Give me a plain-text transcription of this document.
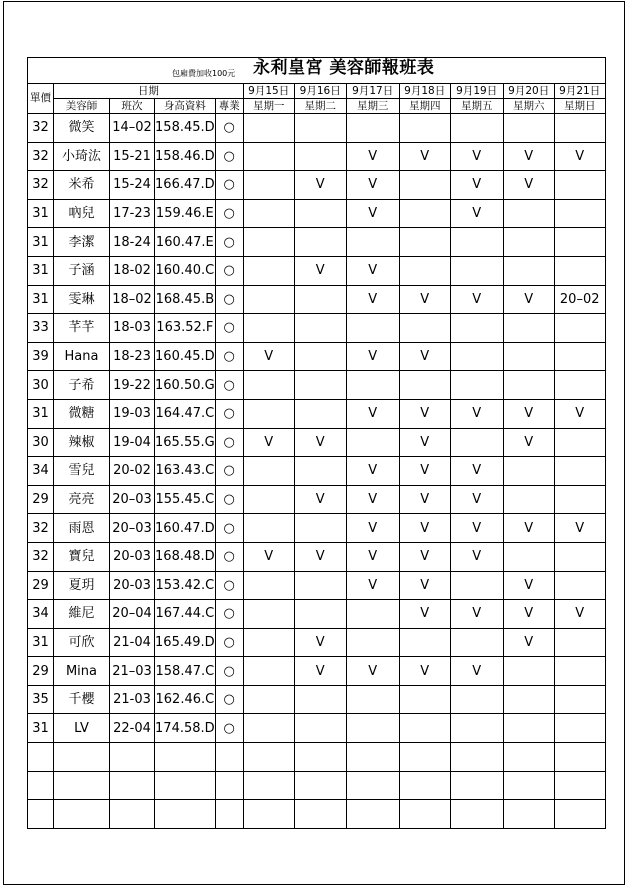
包廂費加收100元 永利皇宮 美容師報班表											

單價	日期				9月15日	9月16日	9月17日	9月18日	9月19日	9月20日	9月21日
	美容師	班次	身高資料	專業	星期一	星期二	星期三	星期四	星期五	星期六	星期日
32	微笑	14–02	158.45.D	○							
32	小琦汯	15-21	158.46.D	○			V	V	V	V	V
32	米希	15-24	166.47.D	○		V	V		V	V	
31	吶兒	17-23	159.46.E	○			V		V		
31	李潔	18-24	160.47.E	○							
31	子涵	18-02	160.40.C	○		V	V				
31	雯琳	18–02	168.45.B	○			V	V	V	V	20–02
33	芊芊	18-03	163.52.F	○							
39	Hana	18-23	160.45.D	○	V		V	V			
30	子希	19-22	160.50.G	○							
31	微糖	19-03	164.47.C	○			V	V	V	V	V
30	辣椒	19-04	165.55.G	○	V	V		V		V	
34	雪兒	20-02	163.43.C	○			V	V	V		
29	亮亮	20–03	155.45.C	○		V	V	V	V		
32	雨恩	20–03	160.47.D	○			V	V	V	V	V
32	寶兒	20-03	168.48.D	○	V	V	V	V	V		
29	夏玥	20-03	153.42.C	○			V	V		V	
34	維尼	20–04	167.44.C	○				V	V	V	V
31	可欣	21-04	165.49.D	○		V				V	
29	Mina	21–03	158.47.C	○		V	V	V	V		
35	千櫻	21-03	162.46.C	○							
31	LV	22-04	174.58.D	○							
